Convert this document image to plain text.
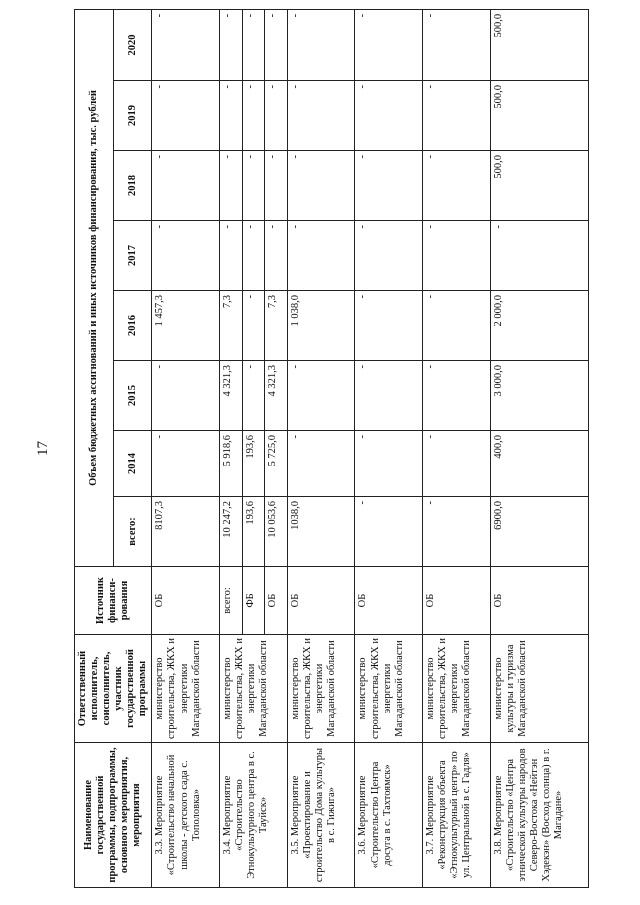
17
Наименование государственной программы, подпрограммы, основного мероприятия, мероприятия	Ответственный исполнитель, соисполнитель, участник государственной программы	Источник финанси-рования	Объем бюджетных ассигнований и иных источников финансирования, тыс. рублей							
			всего:	2014	2015	2016	2017	2018	2019	2020
3.3. Мероприятие «Строительство начальной школы - детского сада с. Тополовка»	министерство строительства, ЖКХ и энергетики Магаданской области	ОБ	8107,3	-	-	1 457,3	-	-	-	-
3.4. Мероприятие «Строительство Этнокультурного центра в с. Тауйск»	министерство строительства, ЖКХ и энергетики Магаданской области	всего:	10 247,2	5 918,6	4 321,3	7,3	-	-	-	-
		ФБ	193,6	193,6	-	-	-	-	-	-
		ОБ	10 053,6	5 725,0	4 321,3	7,3	-	-	-	-
3.5. Мероприятие «Проектирование и строительство Дома культуры в с. Гижига»	министерство строительства, ЖКХ и энергетики Магаданской области	ОБ	1038,0	-	-	1 038,0	-	-	-	-
3.6. Мероприятие «Строительство Центра досуга в с. Тахтоямск»	министерство строительства, ЖКХ и энергетики Магаданской области	ОБ	-	-	-	-	-	-	-	-
3.7. Мероприятие «Реконструкция объекта «Этнокультурный центр» по ул. Центральной в с. Гадля»	министерство строительства, ЖКХ и энергетики Магаданской области	ОБ	-	-	-	-	-	-	-	-
3.8. Мероприятие «Строительство «Центра этнической культуры народов Северо-Востока «Нейтэн Хэдекэн» (Восход солнца) в г. Магадане»	министерство культуры и туризма Магаданской области	ОБ	6900,0	400,0	3 000,0	2 000,0	-	500,0	500,0	500,0
